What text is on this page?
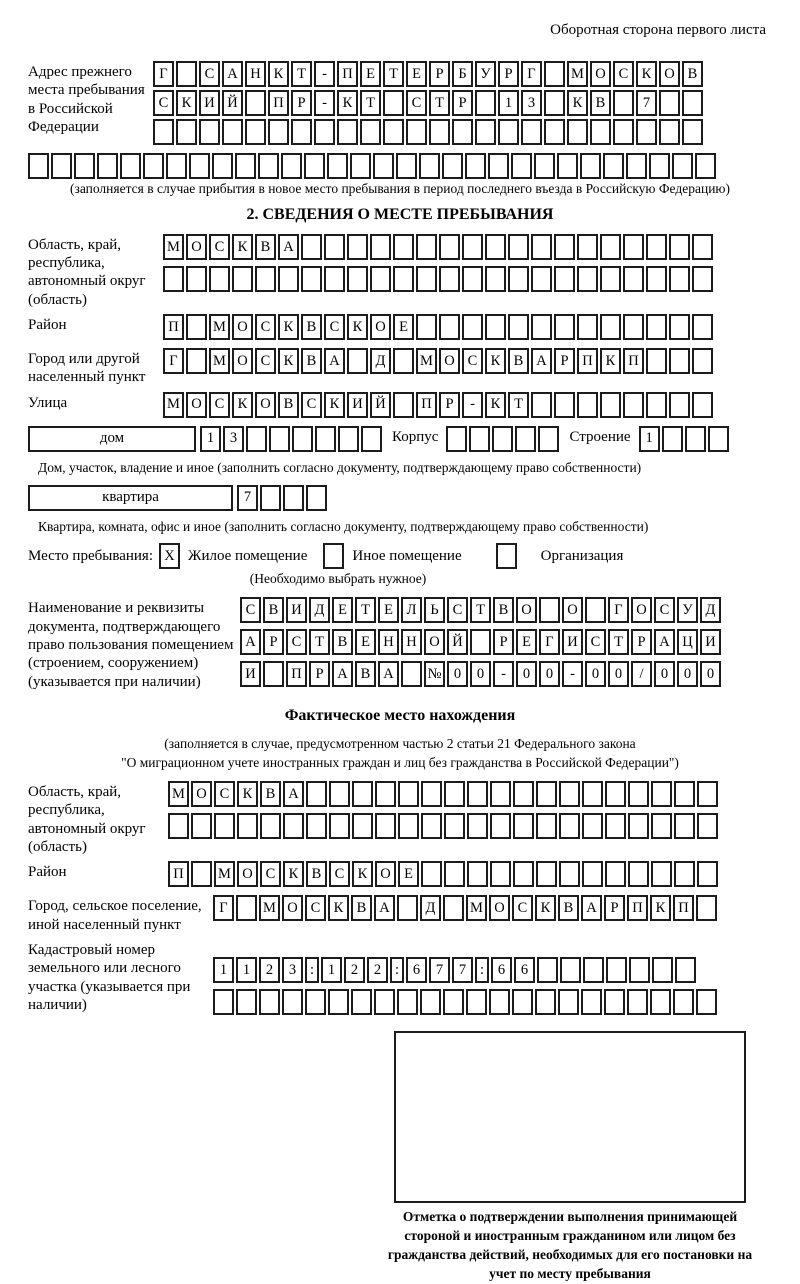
Оборотная сторона первого листа
Адрес прежнего места пребывания в Российской Федерации
Г	С А Н К Т	-	П Е Т Е	Р	Б У Р	Г	М О С К О В
С К И Й	П Р	-	К Т	С Т	Р	1	3	К В	7
(заполняется в случае прибытия в новое место пребывания в период последнего въезда в Российскую Федерацию)
2. СВЕДЕНИЯ О МЕСТЕ ПРЕБЫВАНИЯ
Область, край, республика, автономный округ (область)
М О С К В А
Район	П	М О С К В С К О Е
Город или другой населенный пункт
Г	М О С К В А	Д	М О С К В А Р П К П
Улица	М О С К О В С К И Й	П Р	-	К Т
дом	1	3	Корпус	Строение	1
Дом, участок, владение и иное (заполнить согласно документу, подтверждающему право собственности)
квартира	7
Квартира, комната, офис и иное (заполнить согласно документу, подтверждающему право собственности)
Место пребывания: X Жилое помещение	Иное помещение	Организация
(Необходимо выбрать нужное)
Наименование и реквизиты документа, подтверждающего право пользования помещением (строением, сооружением) (указывается при наличии)
С В И Д Е Т Е Л Ь С Т В О	О	Г О С У Д
А Р С Т В Е Н Н О Й	Р	Е Г И С Т	Р А Ц И
И	П Р А В А	№ 0	0	-	0	0	-	0	0	/	0	0	0
Фактическое место нахождения
(заполняется в случае, предусмотренном частью 2 статьи 21 Федерального закона
"О миграционном учете иностранных граждан и лиц без гражданства в Российской Федерации")
Область, край, республика, автономный округ (область)
М О С К В А
Район	П	М О С К В С К О Е
Город, сельское поселение, иной населенный пункт
Г	М О С К В А	Д	М О С К В А Р П К П
Кадастровый номер земельного или лесного участка (указывается при наличии)
1	1	2	3 : 1	2	2 : 6	7	7 : 6	6
Отметка о подтверждении выполнения принимающей стороной и иностранным гражданином или лицом без гражданства действий, необходимых для его постановки на учет по месту пребывания
